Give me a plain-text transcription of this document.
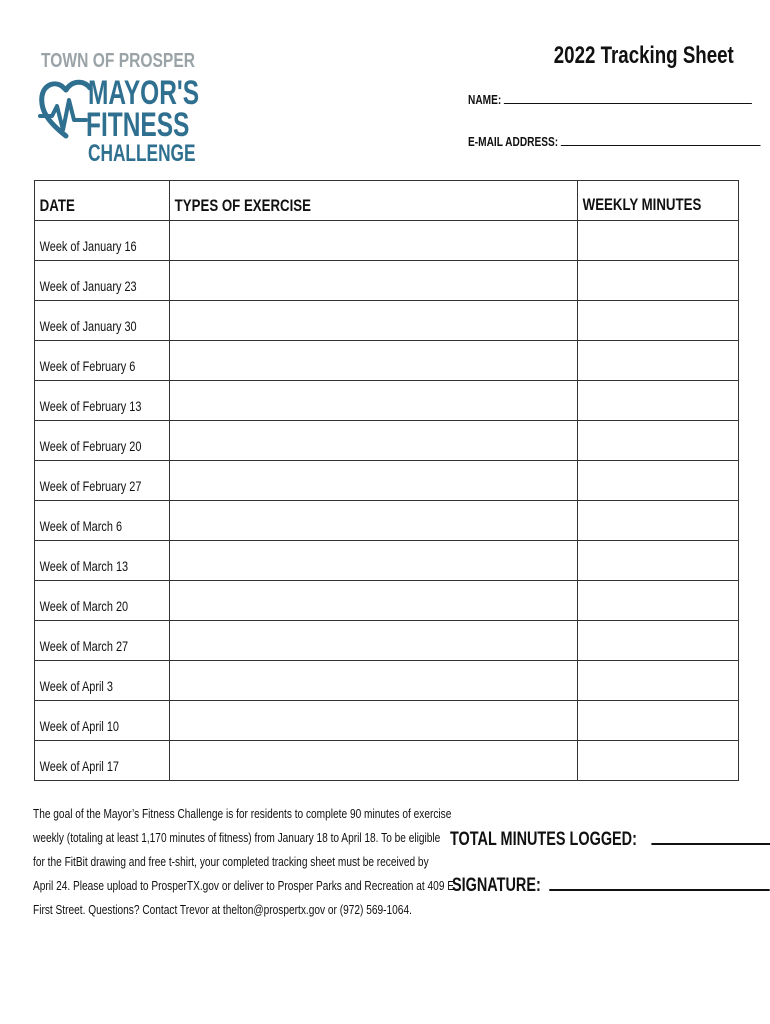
TOWN OF PROSPER
MAYOR'S
FITNESS
CHALLENGE
2022 Tracking Sheet
NAME:
E-MAIL ADDRESS:
DATE	TYPES OF EXERCISE	WEEKLY MINUTES
Week of January 16		
Week of January 23		
Week of January 30		
Week of February 6		
Week of February 13		
Week of February 20		
Week of February 27		
Week of March 6		
Week of March 13		
Week of March 20		
Week of March 27		
Week of April 3		
Week of April 10		
Week of April 17		

The goal of the Mayor’s Fitness Challenge is for residents to complete 90 minutes of exercise

weekly (totaling at least 1,170 minutes of fitness) from January 18 to April 18. To be eligible

for the FitBit drawing and free t-shirt, your completed tracking sheet must be received by

April 24. Please upload to ProsperTX.gov or deliver to Prosper Parks and Recreation at 409 E.

First Street. Questions? Contact Trevor at thelton@prospertx.gov or (972) 569-1064.

TOTAL MINUTES LOGGED:
SIGNATURE:
